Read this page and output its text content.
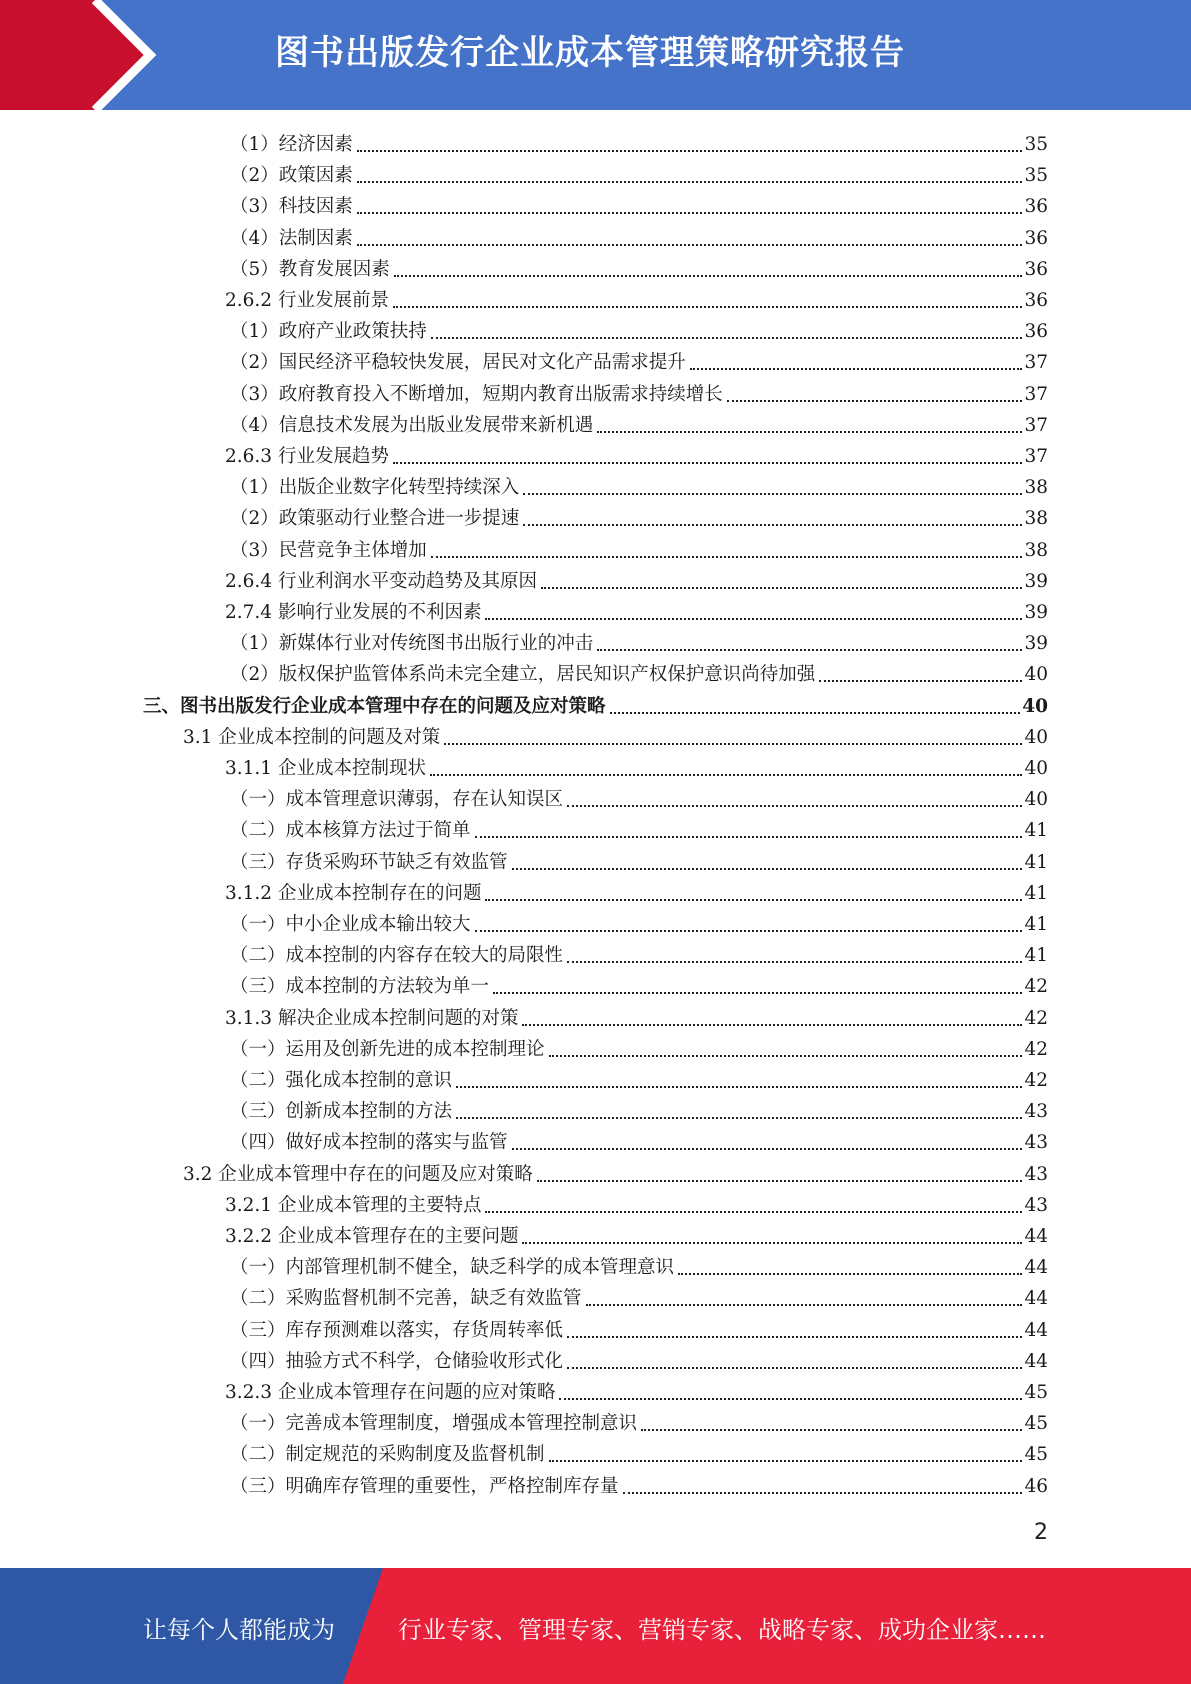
图书出版发行企业成本管理策略研究报告
（1）经济因素	35
（2）政策因素	35
（3）科技因素	36
（4）法制因素	36
（5）教育发展因素	36
2.6.2 行业发展前景	36
（1）政府产业政策扶持	36
（2）国民经济平稳较快发展，居民对文化产品需求提升	37
（3）政府教育投入不断增加，短期内教育出版需求持续增长	37
（4）信息技术发展为出版业发展带来新机遇	37
2.6.3 行业发展趋势	37
（1）出版企业数字化转型持续深入	38
（2）政策驱动行业整合进一步提速	38
（3）民营竞争主体增加	38
2.6.4 行业利润水平变动趋势及其原因	39
2.7.4 影响行业发展的不利因素	39
（1）新媒体行业对传统图书出版行业的冲击	39
（2）版权保护监管体系尚未完全建立，居民知识产权保护意识尚待加强	40
三、图书出版发行企业成本管理中存在的问题及应对策略	40
3.1 企业成本控制的问题及对策	40
3.1.1 企业成本控制现状	40
（一）成本管理意识薄弱，存在认知误区	40
（二）成本核算方法过于简单	41
（三）存货采购环节缺乏有效监管	41
3.1.2 企业成本控制存在的问题	41
（一）中小企业成本输出较大	41
（二）成本控制的内容存在较大的局限性	41
（三）成本控制的方法较为单一	42
3.1.3 解决企业成本控制问题的对策	42
（一）运用及创新先进的成本控制理论	42
（二）强化成本控制的意识	42
（三）创新成本控制的方法	43
（四）做好成本控制的落实与监管	43
3.2 企业成本管理中存在的问题及应对策略	43
3.2.1 企业成本管理的主要特点	43
3.2.2 企业成本管理存在的主要问题	44
（一）内部管理机制不健全，缺乏科学的成本管理意识	44
（二）采购监督机制不完善，缺乏有效监管	44
（三）库存预测难以落实，存货周转率低	44
（四）抽验方式不科学，仓储验收形式化	44
3.2.3 企业成本管理存在问题的应对策略	45
（一）完善成本管理制度，增强成本管理控制意识	45
（二）制定规范的采购制度及监督机制	45
（三）明确库存管理的重要性，严格控制库存量	46
2
让每个人都能成为	行业专家、管理专家、营销专家、战略专家、成功企业家……
